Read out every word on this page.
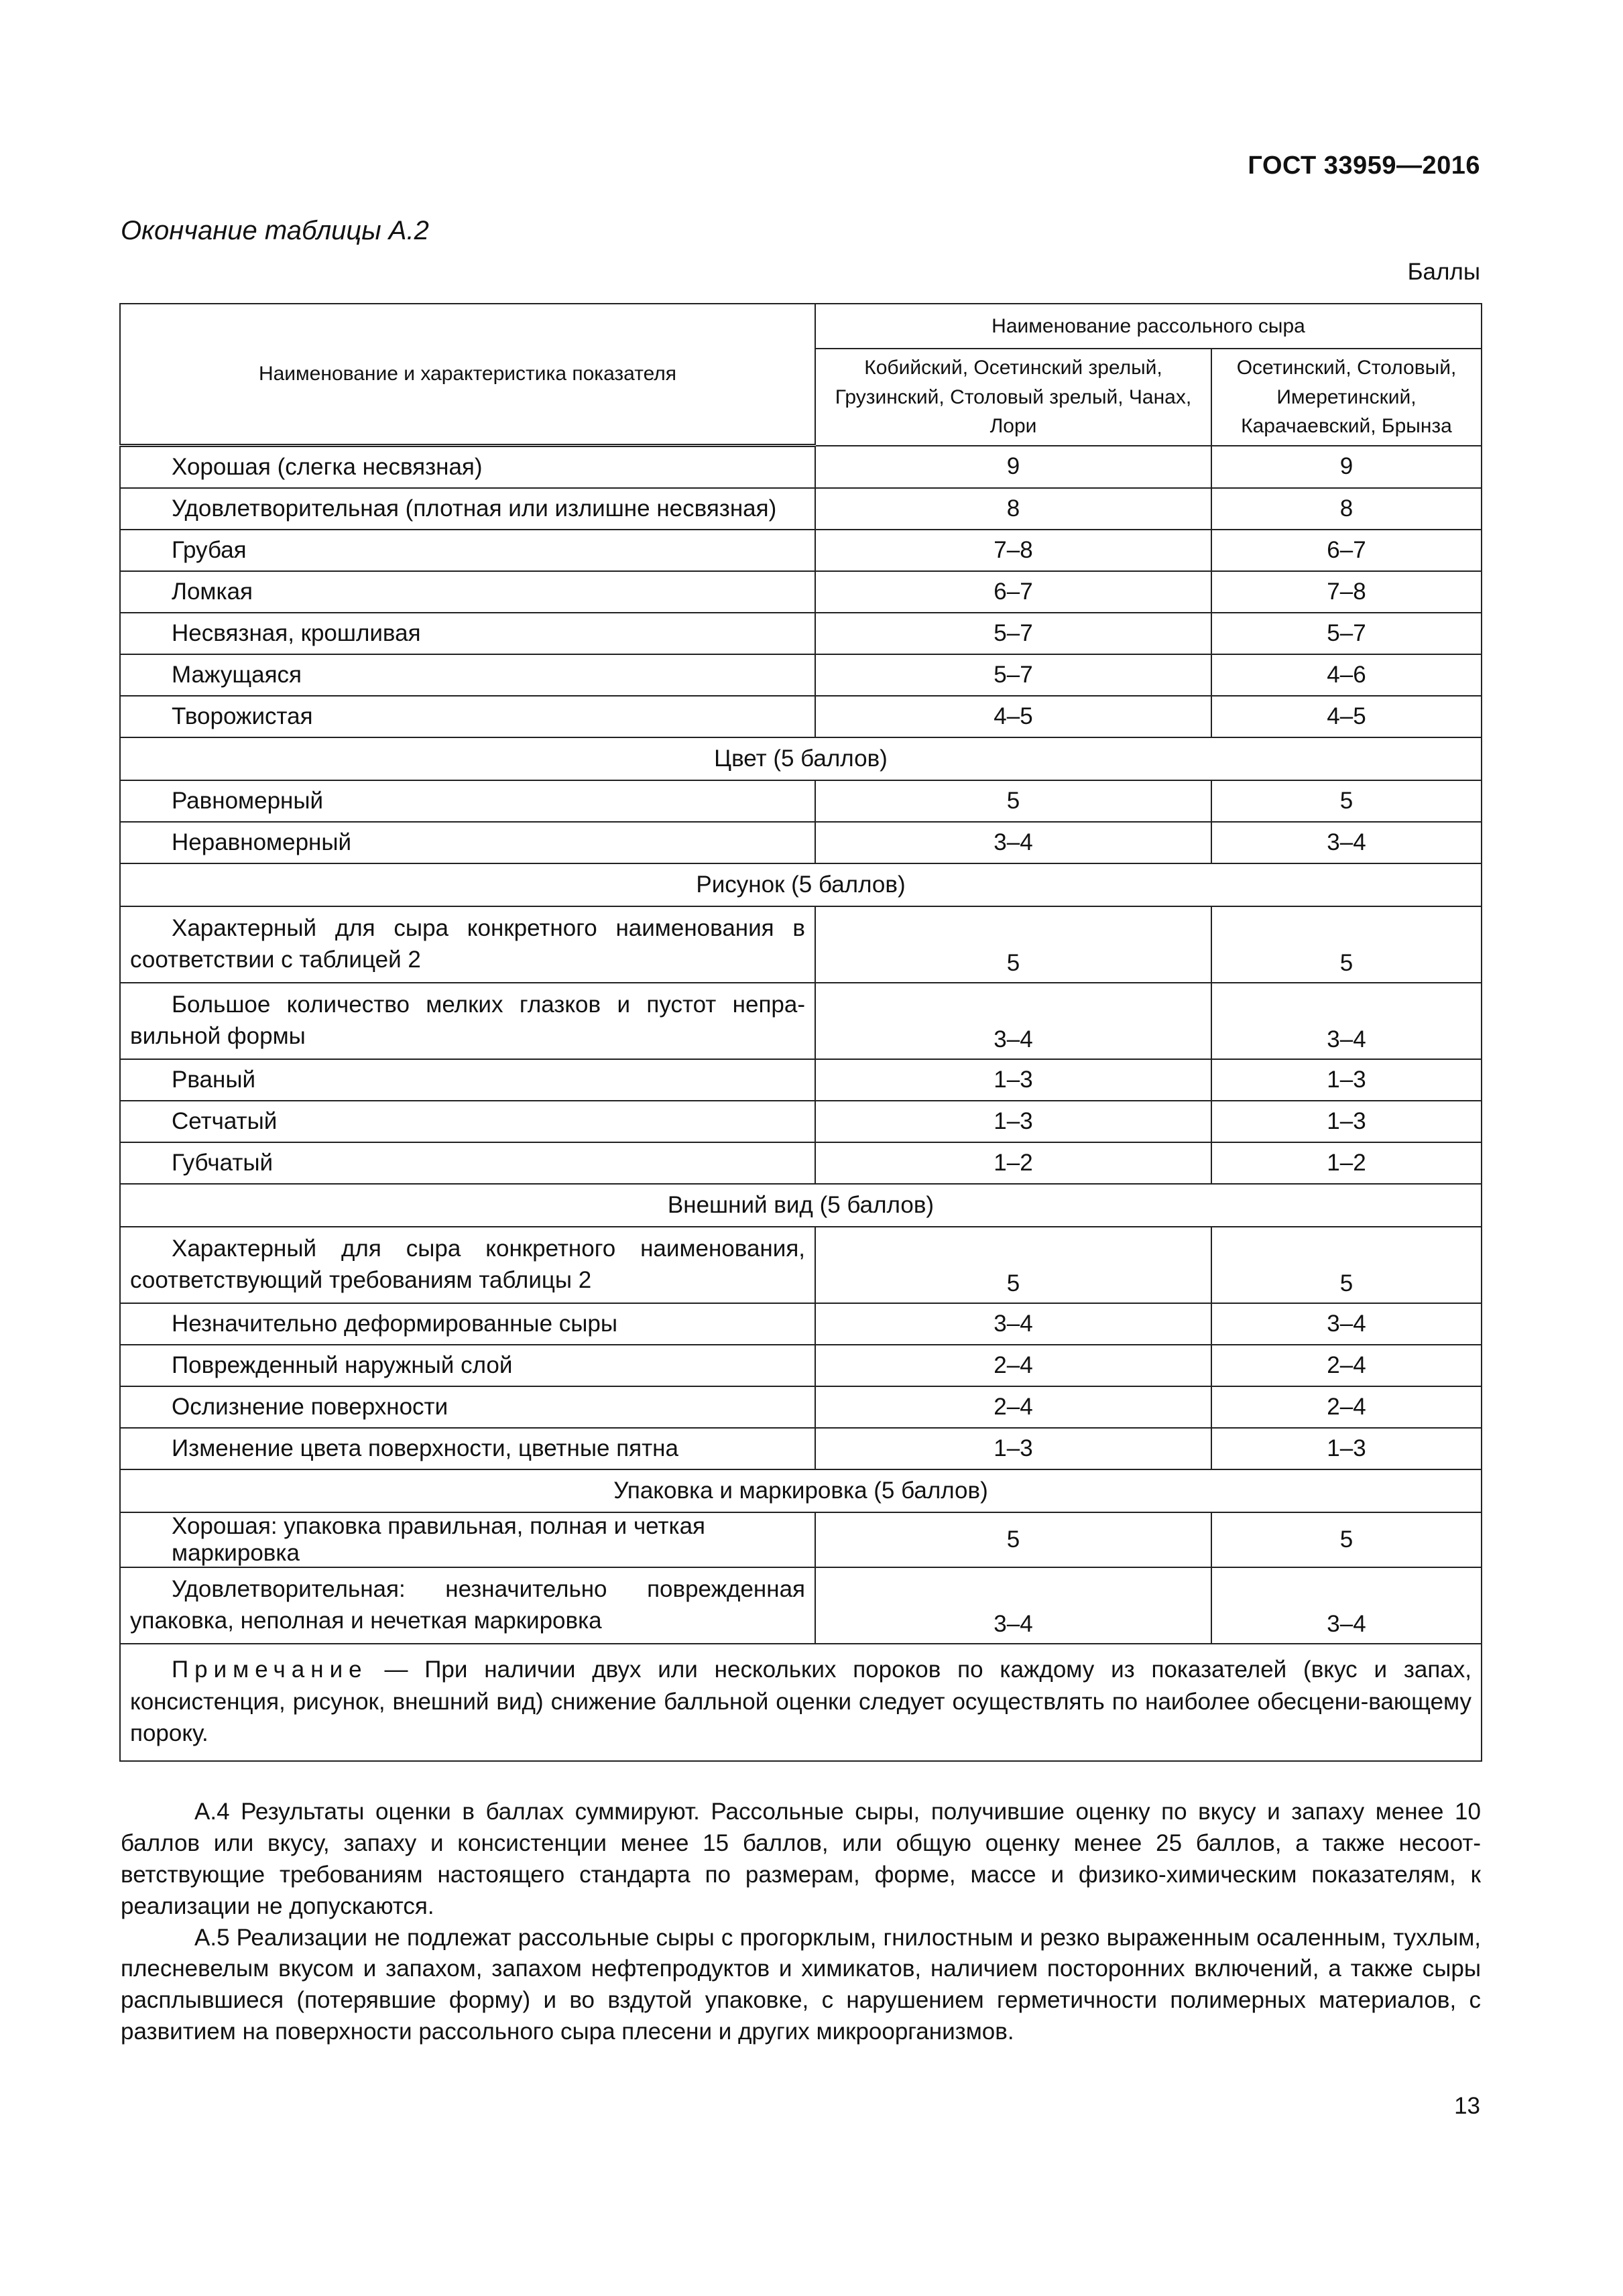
ГОСТ 33959—2016
Окончание таблицы А.2
Баллы
Наименование и характеристика показателя	Наименование рассольного сыра	
	Кобийский, Осетинский зрелый, Грузинский, Столовый зрелый, Чанах, Лори	Осетинский, Столовый, Имеретинский, Карачаевский, Брынза
Хорошая (слегка несвязная)	9	9
Удовлетворительная (плотная или излишне несвязная)	8	8
Грубая	7–8	6–7
Ломкая	6–7	7–8
Несвязная, крошливая	5–7	5–7
Мажущаяся	5–7	4–6
Творожистая	4–5	4–5
Цвет (5 баллов)		
Равномерный	5	5
Неравномерный	3–4	3–4
Рисунок (5 баллов)		
Характерный для сыра конкретного наименования в соответствии с таблицей 2	5	5
Большое количество мелких глазков и пустот непра-вильной формы	3–4	3–4
Рваный	1–3	1–3
Сетчатый	1–3	1–3
Губчатый	1–2	1–2
Внешний вид (5 баллов)		
Характерный для сыра конкретного наименования, соответствующий требованиям таблицы 2	5	5
Незначительно деформированные сыры	3–4	3–4
Поврежденный наружный слой	2–4	2–4
Ослизнение поверхности	2–4	2–4
Изменение цвета поверхности, цветные пятна	1–3	1–3
Упаковка и маркировка (5 баллов)		
Хорошая: упаковка правильная, полная и четкая маркировка	5	5
Удовлетворительная: незначительно поврежденная упаковка, неполная и нечеткая маркировка	3–4	3–4

Примечание — При наличии двух или нескольких пороков по каждому из показателей (вкус и запах, консистенция, рисунок, внешний вид) снижение балльной оценки следует осуществлять по наиболее обесцени-вающему пороку.		

А.4 Результаты оценки в баллах суммируют. Рассольные сыры, получившие оценку по вкусу и запаху менее 10 баллов или вкусу, запаху и консистенции менее 15 баллов, или общую оценку менее 25 баллов, а также несоот-ветствующие требованиям настоящего стандарта по размерам, форме, массе и физико-химическим показателям, к реализации не допускаются.

А.5 Реализации не подлежат рассольные сыры с прогорклым, гнилостным и резко выраженным осаленным, тухлым, плесневелым вкусом и запахом, запахом нефтепродуктов и химикатов, наличием посторонних включений, а также сыры расплывшиеся (потерявшие форму) и во вздутой упаковке, с нарушением герметичности полимерных материалов, с развитием на поверхности рассольного сыра плесени и других микроорганизмов.

13
